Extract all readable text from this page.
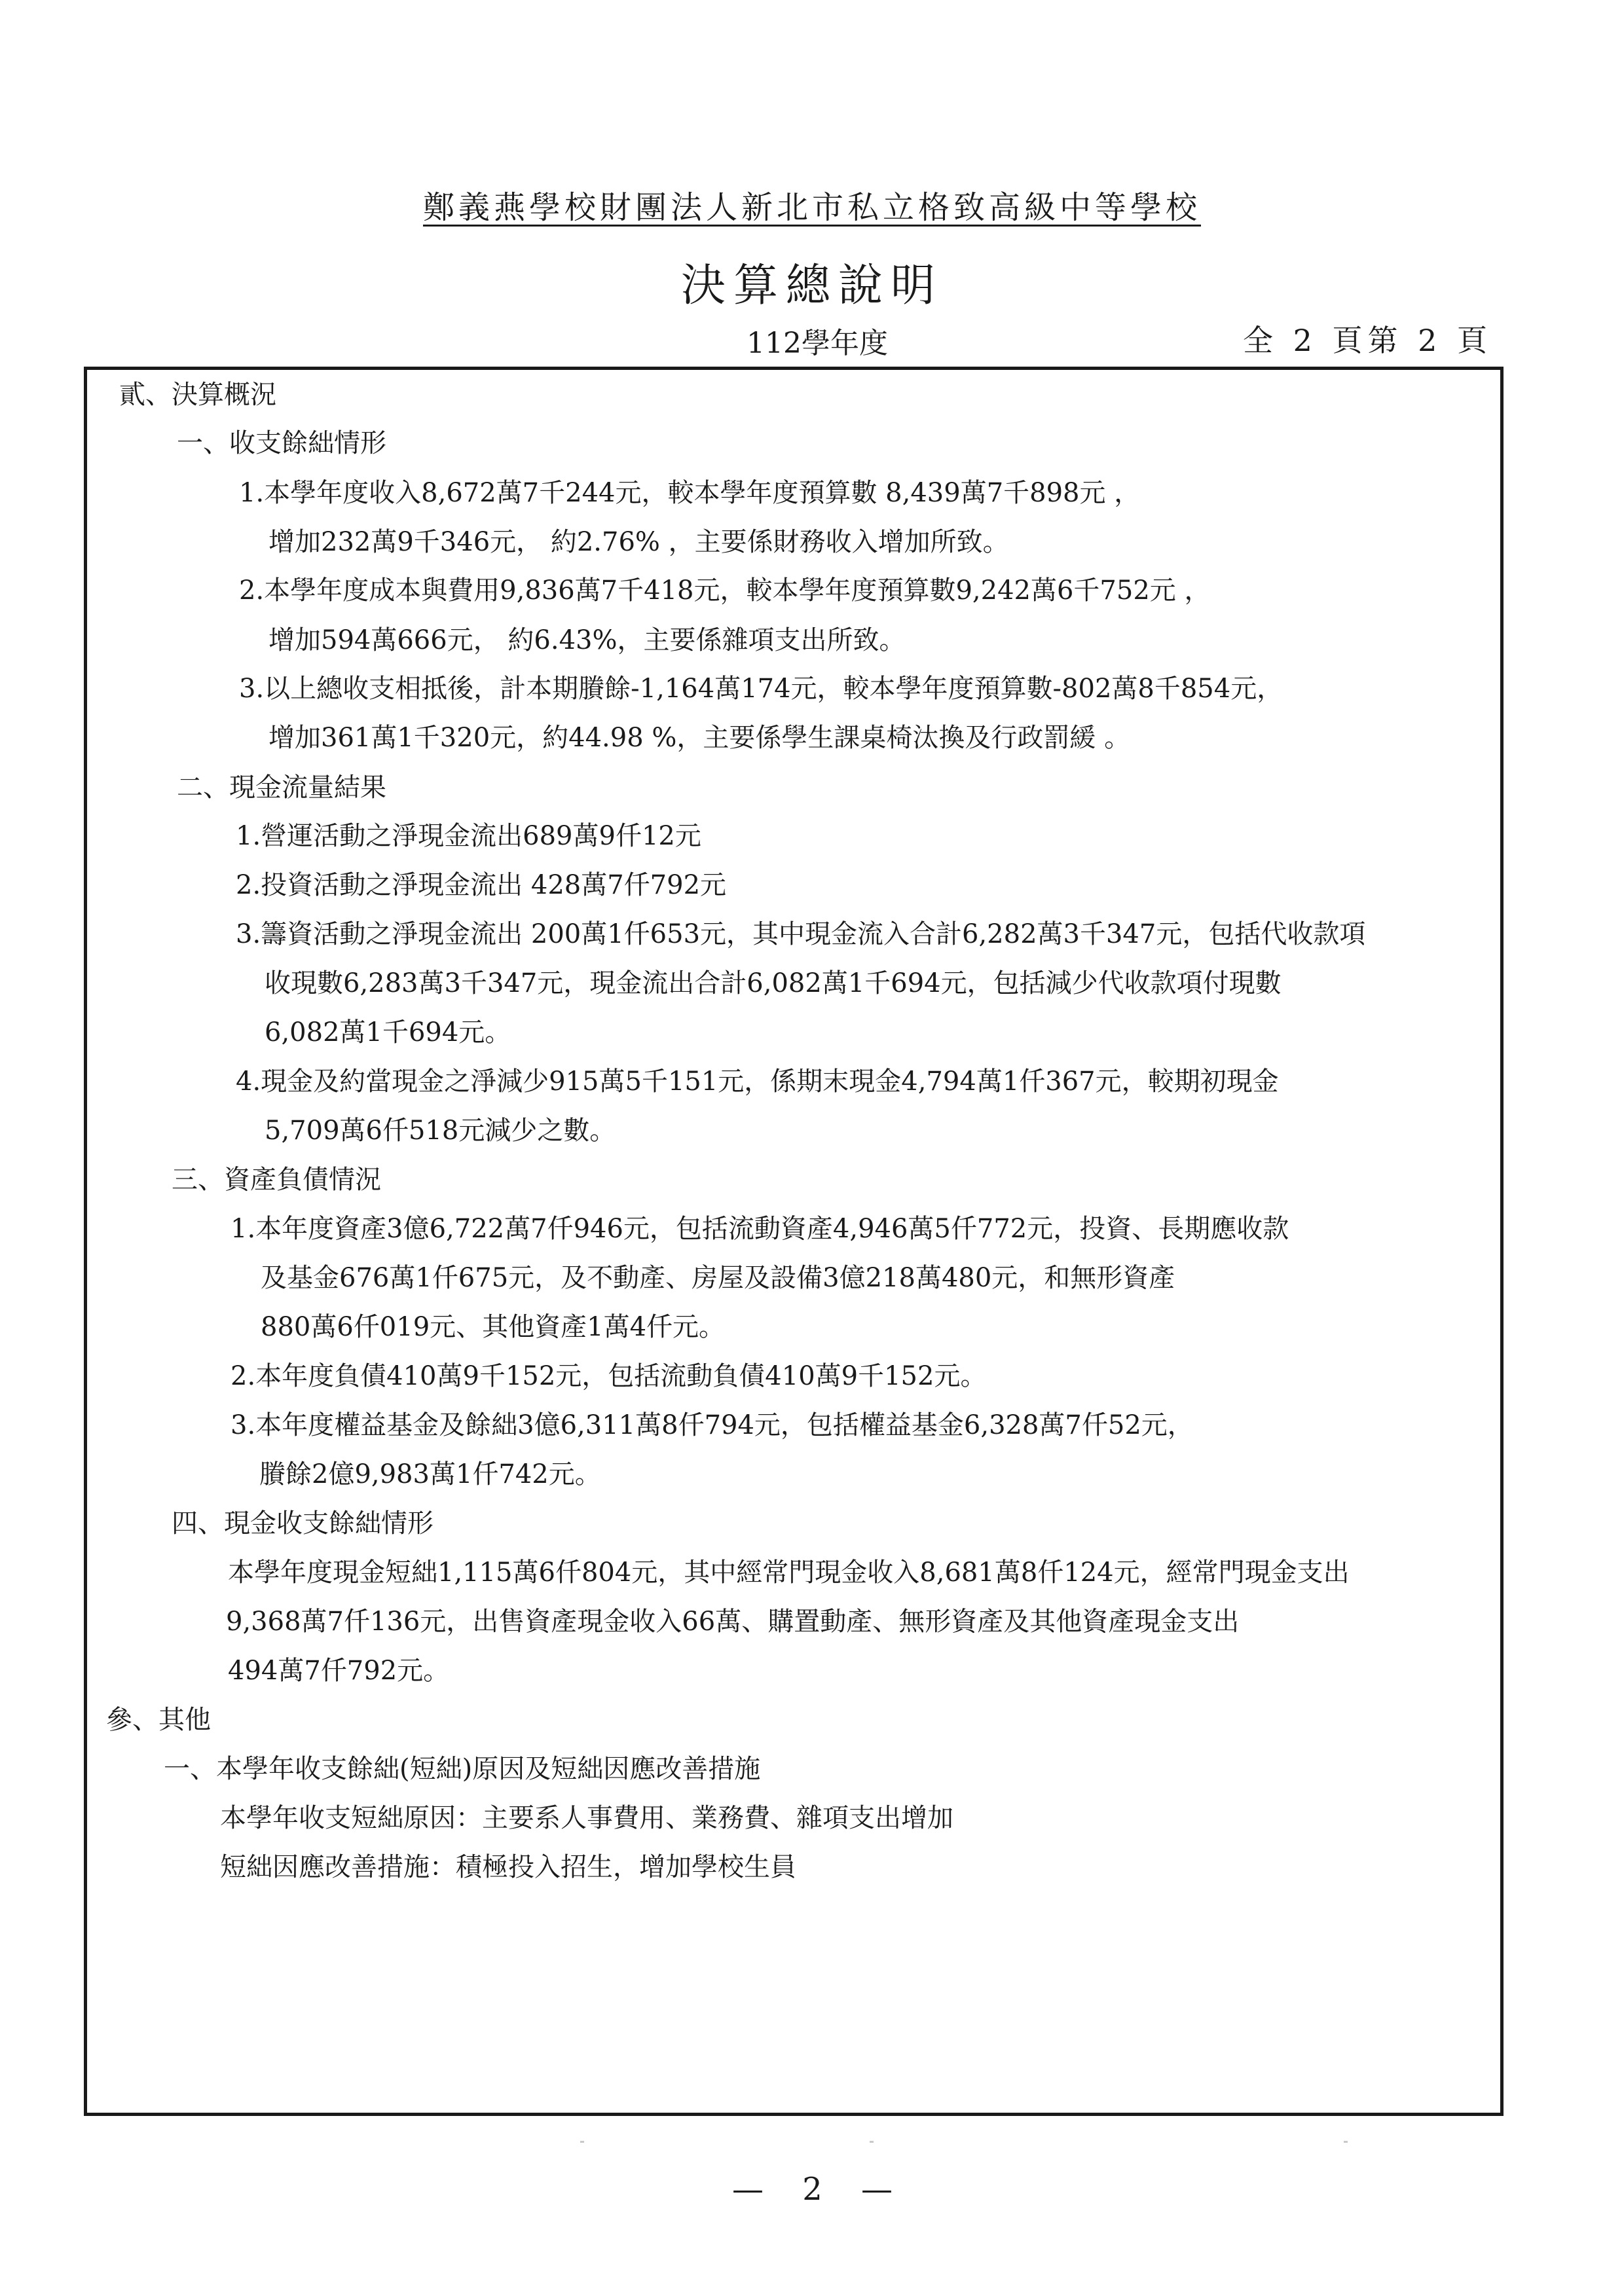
鄭義燕學校財團法人新北市私立格致高級中等學校
決算總說明
112學年度	全 2 頁第 2 頁
貳、決算概況
一、收支餘絀情形
1.本學年度收入8,672萬7千244元，較本學年度預算數 8,439萬7千898元 ，
增加232萬9千346元， 約2.76% ，主要係財務收入增加所致。
2.本學年度成本與費用9,836萬7千418元，較本學年度預算數9,242萬6千752元 ，
增加594萬666元， 約6.43%，主要係雜項支出所致。
3.以上總收支相抵後，計本期賸餘-1,164萬174元，較本學年度預算數-802萬8千854元，
增加361萬1千320元，約44.98 %，主要係學生課桌椅汰換及行政罰緩 。
二、現金流量結果
1.營運活動之淨現金流出689萬9仟12元
2.投資活動之淨現金流出 428萬7仟792元
3.籌資活動之淨現金流出 200萬1仟653元，其中現金流入合計6,282萬3千347元，包括代收款項
收現數6,283萬3千347元，現金流出合計6,082萬1千694元，包括減少代收款項付現數
6,082萬1千694元。
4.現金及約當現金之淨減少915萬5千151元，係期末現金4,794萬1仟367元，較期初現金
5,709萬6仟518元減少之數。
三、資產負債情況
1.本年度資產3億6,722萬7仟946元，包括流動資產4,946萬5仟772元，投資、長期應收款
及基金676萬1仟675元，及不動產、房屋及設備3億218萬480元，和無形資產
880萬6仟019元、其他資產1萬4仟元。
2.本年度負債410萬9千152元，包括流動負債410萬9千152元。
3.本年度權益基金及餘絀3億6,311萬8仟794元，包括權益基金6,328萬7仟52元，
賸餘2億9,983萬1仟742元。
四、現金收支餘絀情形
本學年度現金短絀1,115萬6仟804元，其中經常門現金收入8,681萬8仟124元，經常門現金支出
9,368萬7仟136元，出售資產現金收入66萬、購置動產、無形資產及其他資產現金支出
494萬7仟792元。
參、其他
一、本學年收支餘絀(短絀)原因及短絀因應改善措施
本學年收支短絀原因：主要系人事費用、業務費、雜項支出增加
短絀因應改善措施：積極投入招生，增加學校生員
— 2 —
